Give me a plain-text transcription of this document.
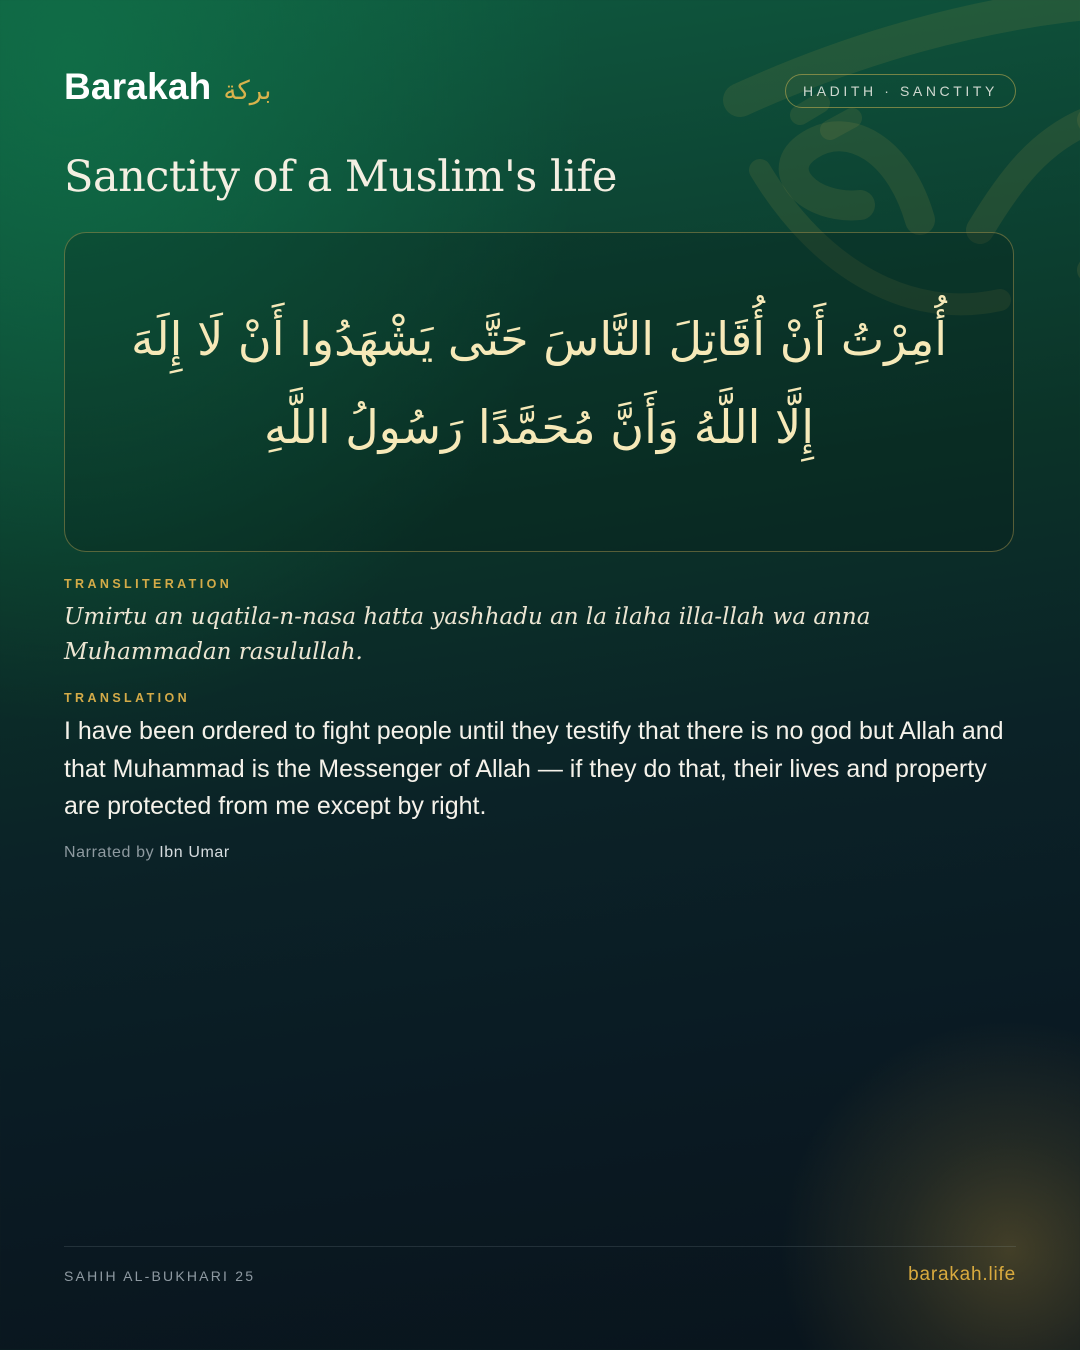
Barakah بركة	HADITH · SANCTITY
Sanctity of a Muslim's life

أُمِرْتُ أَنْ أُقَاتِلَ النَّاسَ حَتَّى يَشْهَدُوا أَنْ لَا إِلَهَ
إِلَّا اللَّهُ وَأَنَّ مُحَمَّدًا رَسُولُ اللَّهِ

TRANSLITERATION

Umirtu an uqatila-n-nasa hatta yashhadu an la ilaha illa-llah wa anna Muhammadan rasulullah.

TRANSLATION

I have been ordered to fight people until they testify that there is no god but Allah and that Muhammad is the Messenger of Allah — if they do that, their lives and property are protected from me except by right.

Narrated by Ibn Umar
SAHIH AL-BUKHARI 25	barakah.life
